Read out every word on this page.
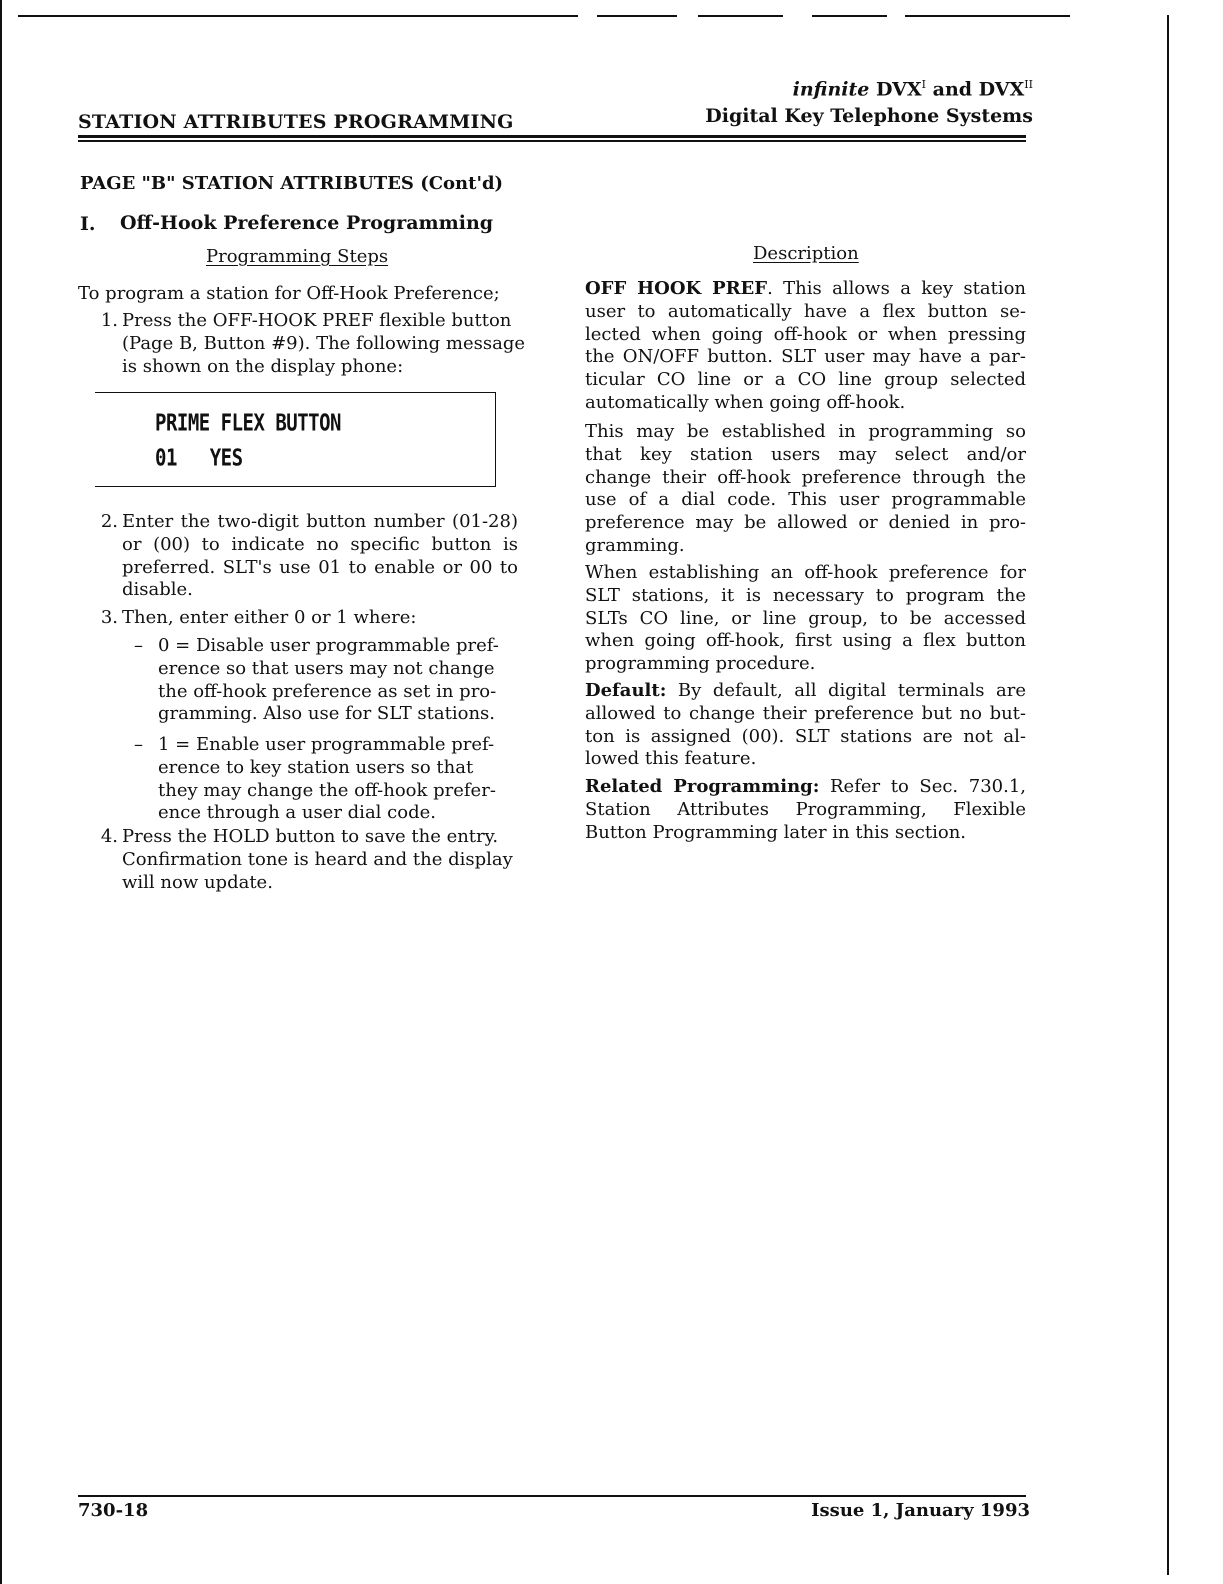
infinite $DVX^I$ and $DVX^{II}$
Digital Key Telephone Systems
STATION ATTRIBUTES PROGRAMMING
PAGE "B" STATION ATTRIBUTES (Cont'd)
I. Off-Hook Preference Programming
Programming Steps	Description
To program a station for Off-Hook Preference;
1. Press the OFF-HOOK PREF flexible button
(Page B, Button #9). The following message
is shown on the display phone:
PRIME FLEX BUTTON
01   YES
2. Enter the two-digit button number (01-28)
or (00) to indicate no specific button is
preferred. SLT's use 01 to enable or 00 to
disable.
3. Then, enter either 0 or 1 where:
– 0 = Disable user programmable pref-
erence so that users may not change
the off-hook preference as set in pro-
gramming. Also use for SLT stations.
– 1 = Enable user programmable pref-
erence to key station users so that
they may change the off-hook prefer-
ence through a user dial code.
4. Press the HOLD button to save the entry.
Confirmation tone is heard and the display
will now update.
OFF HOOK PREF. This allows a key station
user to automatically have a flex button se-
lected when going off-hook or when pressing
the ON/OFF button. SLT user may have a par-
ticular CO line or a CO line group selected
automatically when going off-hook.
This may be established in programming so
that key station users may select and/or
change their off-hook preference through the
use of a dial code. This user programmable
preference may be allowed or denied in pro-
gramming.
When establishing an off-hook preference for
SLT stations, it is necessary to program the
SLTs CO line, or line group, to be accessed
when going off-hook, first using a flex button
programming procedure.
Default: By default, all digital terminals are
allowed to change their preference but no but-
ton is assigned (00). SLT stations are not al-
lowed this feature.
Related Programming: Refer to Sec. 730.1,
Station Attributes Programming, Flexible
Button Programming later in this section.
730-18	Issue 1, January 1993
